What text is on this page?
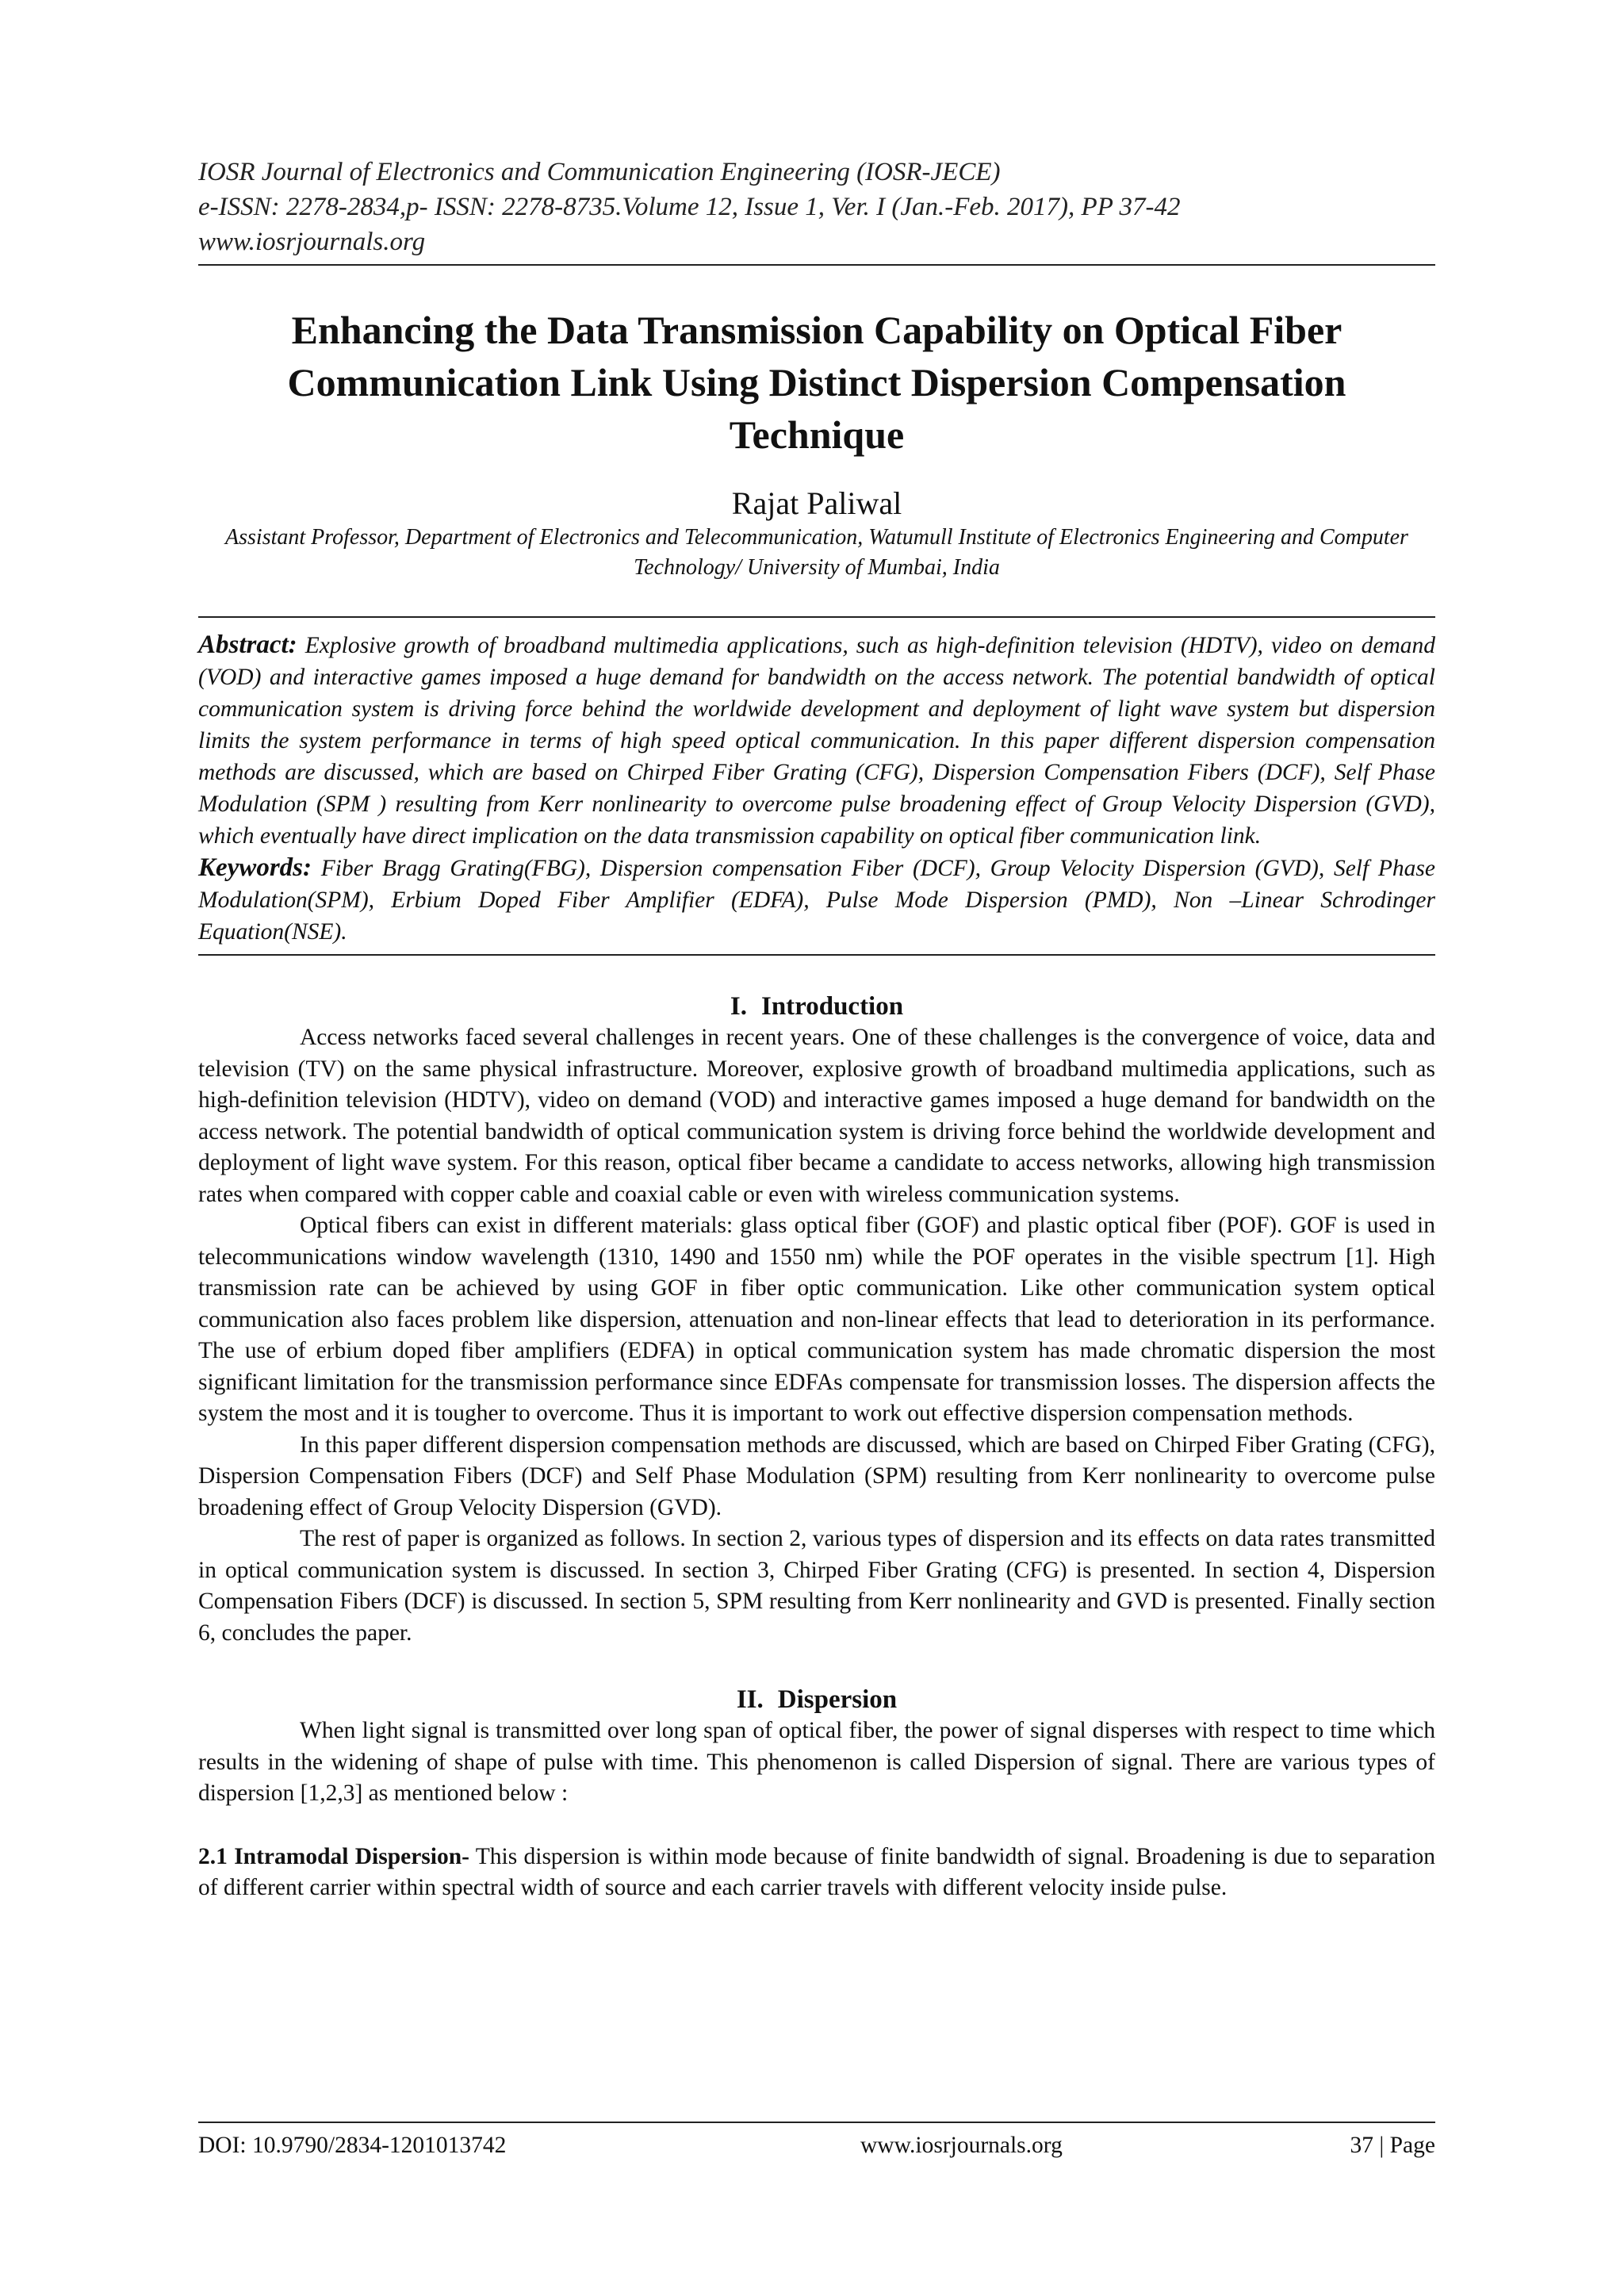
IOSR Journal of Electronics and Communication Engineering (IOSR-JECE)
e-ISSN: 2278-2834,p- ISSN: 2278-8735.Volume 12, Issue 1, Ver. I (Jan.-Feb. 2017), PP 37-42
www.iosrjournals.org
Enhancing the Data Transmission Capability on Optical Fiber Communication Link Using Distinct Dispersion Compensation Technique
Rajat Paliwal
Assistant Professor, Department of Electronics and Telecommunication, Watumull Institute of Electronics Engineering and Computer Technology/ University of Mumbai, India
Abstract: Explosive growth of broadband multimedia applications, such as high-definition television (HDTV), video on demand (VOD) and interactive games imposed a huge demand for bandwidth on the access network. The potential bandwidth of optical communication system is driving force behind the worldwide development and deployment of light wave system but dispersion limits the system performance in terms of high speed optical communication. In this paper different dispersion compensation methods are discussed, which are based on Chirped Fiber Grating (CFG), Dispersion Compensation Fibers (DCF), Self Phase Modulation (SPM ) resulting from Kerr nonlinearity to overcome pulse broadening effect of Group Velocity Dispersion (GVD), which eventually have direct implication on the data transmission capability on optical fiber communication link.
Keywords: Fiber Bragg Grating(FBG), Dispersion compensation Fiber (DCF), Group Velocity Dispersion (GVD), Self Phase Modulation(SPM), Erbium Doped Fiber Amplifier (EDFA), Pulse Mode Dispersion (PMD), Non –Linear Schrodinger Equation(NSE).
I. Introduction

Access networks faced several challenges in recent years. One of these challenges is the convergence of voice, data and television (TV) on the same physical infrastructure. Moreover, explosive growth of broadband multimedia applications, such as high-definition television (HDTV), video on demand (VOD) and interactive games imposed a huge demand for bandwidth on the access network. The potential bandwidth of optical communication system is driving force behind the worldwide development and deployment of light wave system. For this reason, optical fiber became a candidate to access networks, allowing high transmission rates when compared with copper cable and coaxial cable or even with wireless communication systems.

Optical fibers can exist in different materials: glass optical fiber (GOF) and plastic optical fiber (POF). GOF is used in telecommunications window wavelength (1310, 1490 and 1550 nm) while the POF operates in the visible spectrum [1]. High transmission rate can be achieved by using GOF in fiber optic communication. Like other communication system optical communication also faces problem like dispersion, attenuation and non-linear effects that lead to deterioration in its performance. The use of erbium doped fiber amplifiers (EDFA) in optical communication system has made chromatic dispersion the most significant limitation for the transmission performance since EDFAs compensate for transmission losses. The dispersion affects the system the most and it is tougher to overcome. Thus it is important to work out effective dispersion compensation methods.

In this paper different dispersion compensation methods are discussed, which are based on Chirped Fiber Grating (CFG), Dispersion Compensation Fibers (DCF) and Self Phase Modulation (SPM) resulting from Kerr nonlinearity to overcome pulse broadening effect of Group Velocity Dispersion (GVD).

The rest of paper is organized as follows. In section 2, various types of dispersion and its effects on data rates transmitted in optical communication system is discussed. In section 3, Chirped Fiber Grating (CFG) is presented. In section 4, Dispersion Compensation Fibers (DCF) is discussed. In section 5, SPM resulting from Kerr nonlinearity and GVD is presented. Finally section 6, concludes the paper.

II. Dispersion

When light signal is transmitted over long span of optical fiber, the power of signal disperses with respect to time which results in the widening of shape of pulse with time. This phenomenon is called Dispersion of signal. There are various types of dispersion [1,2,3] as mentioned below :

2.1 Intramodal Dispersion- This dispersion is within mode because of finite bandwidth of signal. Broadening is due to separation of different carrier within spectral width of source and each carrier travels with different velocity inside pulse.
DOI: 10.9790/2834-1201013742	www.iosrjournals.org	37 | Page
